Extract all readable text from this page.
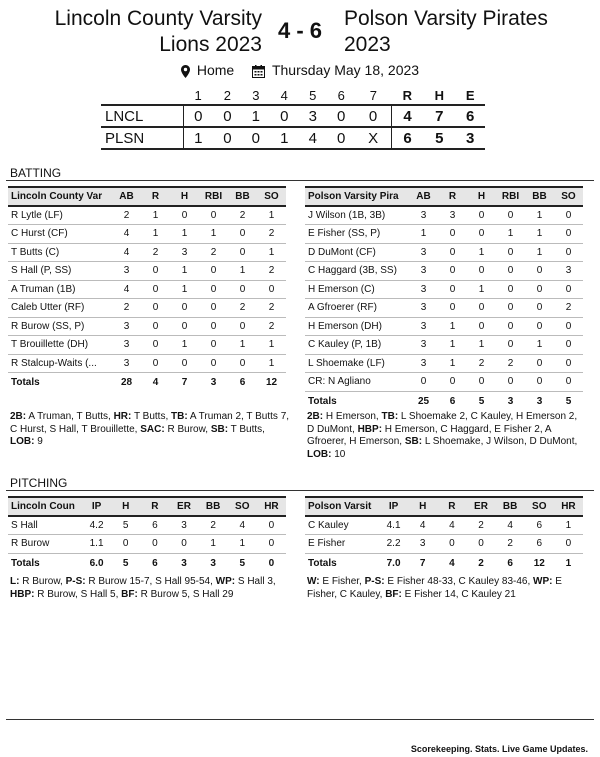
Lincoln County Varsity Lions 2023
4 - 6	Polson Varsity Pirates 2023
Home	Thursday May 18, 2023
	1	2	3	4	5	6	7	R	H	E
LNCL	0	0	1	0	3	0	0	4	7	6
PLSN	1	0	0	1	4	0	X	6	5	3
BATTING
Lincoln County Var	AB	R	H	RBI	BB	SO
R Lytle (LF)	2	1	0	0	2	1
C Hurst (CF)	4	1	1	1	0	2
T Butts (C)	4	2	3	2	0	1
S Hall (P, SS)	3	0	1	0	1	2
A Truman (1B)	4	0	1	0	0	0
Caleb Utter (RF)	2	0	0	0	2	2
R Burow (SS, P)	3	0	0	0	0	2
T Brouillette (DH)	3	0	1	0	1	1
R Stalcup-Waits (...	3	0	0	0	0	1
Totals	28	4	7	3	6	12
Polson Varsity Pira	AB	R	H	RBI	BB	SO
J Wilson (1B, 3B)	3	3	0	0	1	0
E Fisher (SS, P)	1	0	0	1	1	0
D DuMont (CF)	3	0	1	0	1	0
C Haggard (3B, SS)	3	0	0	0	0	3
H Emerson (C)	3	0	1	0	0	0
A Gfroerer (RF)	3	0	0	0	0	2
H Emerson (DH)	3	1	0	0	0	0
C Kauley (P, 1B)	3	1	1	0	1	0
L Shoemake (LF)	3	1	2	2	0	0
CR: N Agliano	0	0	0	0	0	0
Totals	25	6	5	3	3	5
2B: A Truman, T Butts, HR: T Butts, TB: A Truman 2, T Butts 7, C Hurst, S Hall, T Brouillette, SAC: R Burow, SB: T Butts, LOB: 9
2B: H Emerson, TB: L Shoemake 2, C Kauley, H Emerson 2, D DuMont, HBP: H Emerson, C Haggard, E Fisher 2, A Gfroerer, H Emerson, SB: L Shoemake, J Wilson, D DuMont, LOB: 10
PITCHING
Lincoln Coun	IP	H	R	ER	BB	SO	HR
S Hall	4.2	5	6	3	2	4	0
R Burow	1.1	0	0	0	1	1	0
Totals	6.0	5	6	3	3	5	0
Polson Varsit	IP	H	R	ER	BB	SO	HR
C Kauley	4.1	4	4	2	4	6	1
E Fisher	2.2	3	0	0	2	6	0
Totals	7.0	7	4	2	6	12	1
L: R Burow, P-S: R Burow 15-7, S Hall 95-54, WP: S Hall 3, HBP: R Burow, S Hall 5, BF: R Burow 5, S Hall 29
W: E Fisher, P-S: E Fisher 48-33, C Kauley 83-46, WP: E Fisher, C Kauley, BF: E Fisher 14, C Kauley 21
Scorekeeping. Stats. Live Game Updates.
